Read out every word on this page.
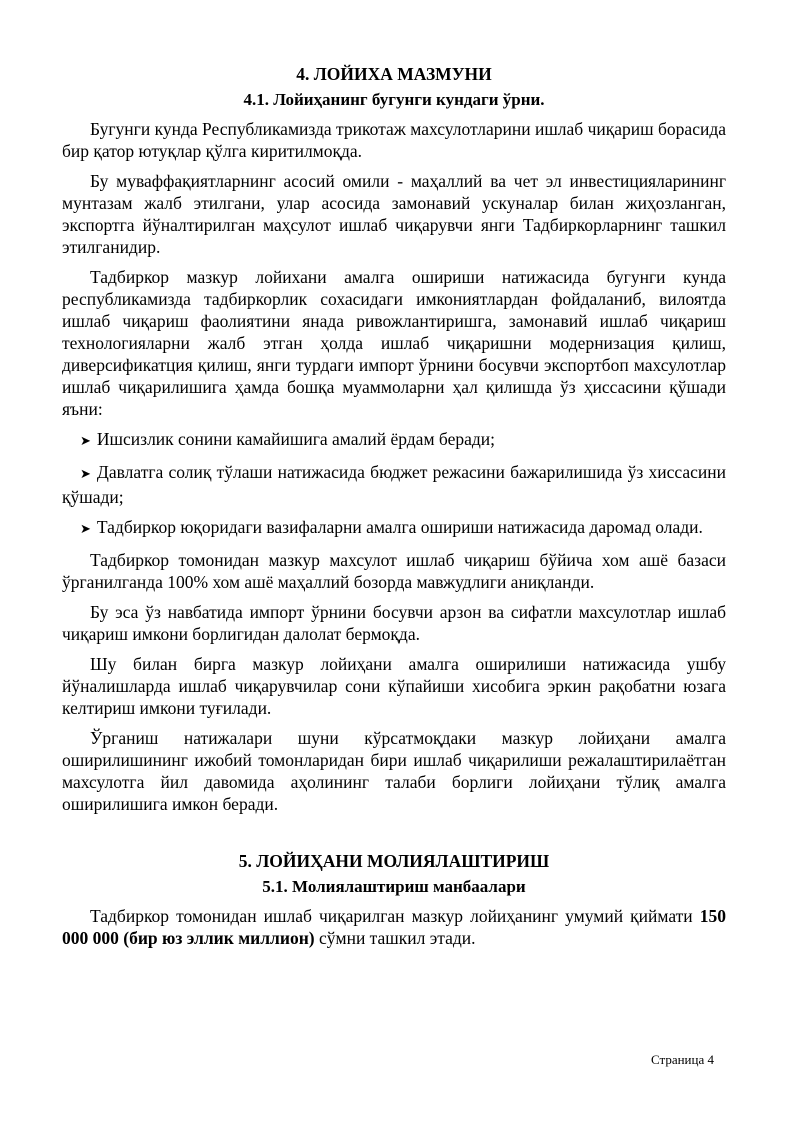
4. ЛОЙИХА МАЗМУНИ
4.1. Лойиҳанинг бугунги кундаги ўрни.

Бугунги кунда Республикамизда трикотаж махсулотларини ишлаб чиқариш борасида бир қатор ютуқлар қўлга киритилмоқда.

Бу муваффақиятларнинг асосий омили - маҳаллий ва чет эл инвестицияларининг мунтазам жалб этилгани, улар асосида замонавий ускуналар билан жиҳозланган, экспортга йўналтирилган маҳсулот ишлаб чиқарувчи янги Тадбиркорларнинг ташкил этилганидир.

Тадбиркор мазкур лойихани амалга ошириши натижасида бугунги кунда республикамизда тадбиркорлик сохасидаги имкониятлардан фойдаланиб, вилоятда ишлаб чиқариш фаолиятини янада ривожлантиришга, замонавий ишлаб чиқариш технологияларни жалб этган ҳолда ишлаб чиқаришни модернизация қилиш, диверсификатция қилиш, янги турдаги импорт ўрнини босувчи экспортбоп махсулотлар ишлаб чиқарилишига ҳамда бошқа муаммоларни ҳал қилишда ўз ҳиссасини қўшади яъни:

➤ Ишсизлик сонини камайишига амалий ёрдам беради;
➤ Давлатга солиқ тўлаши натижасида бюджет режасини бажарилишида ўз хиссасини қўшади;
➤ Тадбиркор юқоридаги вазифаларни амалга ошириши натижасида даромад олади.

Тадбиркор томонидан мазкур махсулот ишлаб чиқариш бўйича хом ашё базаси ўрганилганда 100% хом ашё маҳаллий бозорда мавжудлиги аниқланди.

Бу эса ўз навбатида импорт ўрнини босувчи арзон ва сифатли махсулотлар ишлаб чиқариш имкони борлигидан далолат бермоқда.

Шу билан бирга мазкур лойиҳани амалга оширилиши натижасида ушбу йўналишларда ишлаб чиқарувчилар сони кўпайиши хисобига эркин рақобатни юзага келтириш имкони туғилади.

Ўрганиш натижалари шуни кўрсатмоқдаки мазкур лойиҳани амалга оширилишининг ижобий томонларидан бири ишлаб чиқарилиши режалаштирилаётган махсулотга йил давомида аҳолининг талаби борлиги лойиҳани тўлиқ амалга оширилишига имкон беради.

5. ЛОЙИҲАНИ МОЛИЯЛАШТИРИШ
5.1. Молиялаштириш манбаалари

Тадбиркор томонидан ишлаб чиқарилган мазкур лойиҳанинг умумий қиймати 150 000 000 (бир юз эллик миллион) сўмни ташкил этади.

Страница 4
